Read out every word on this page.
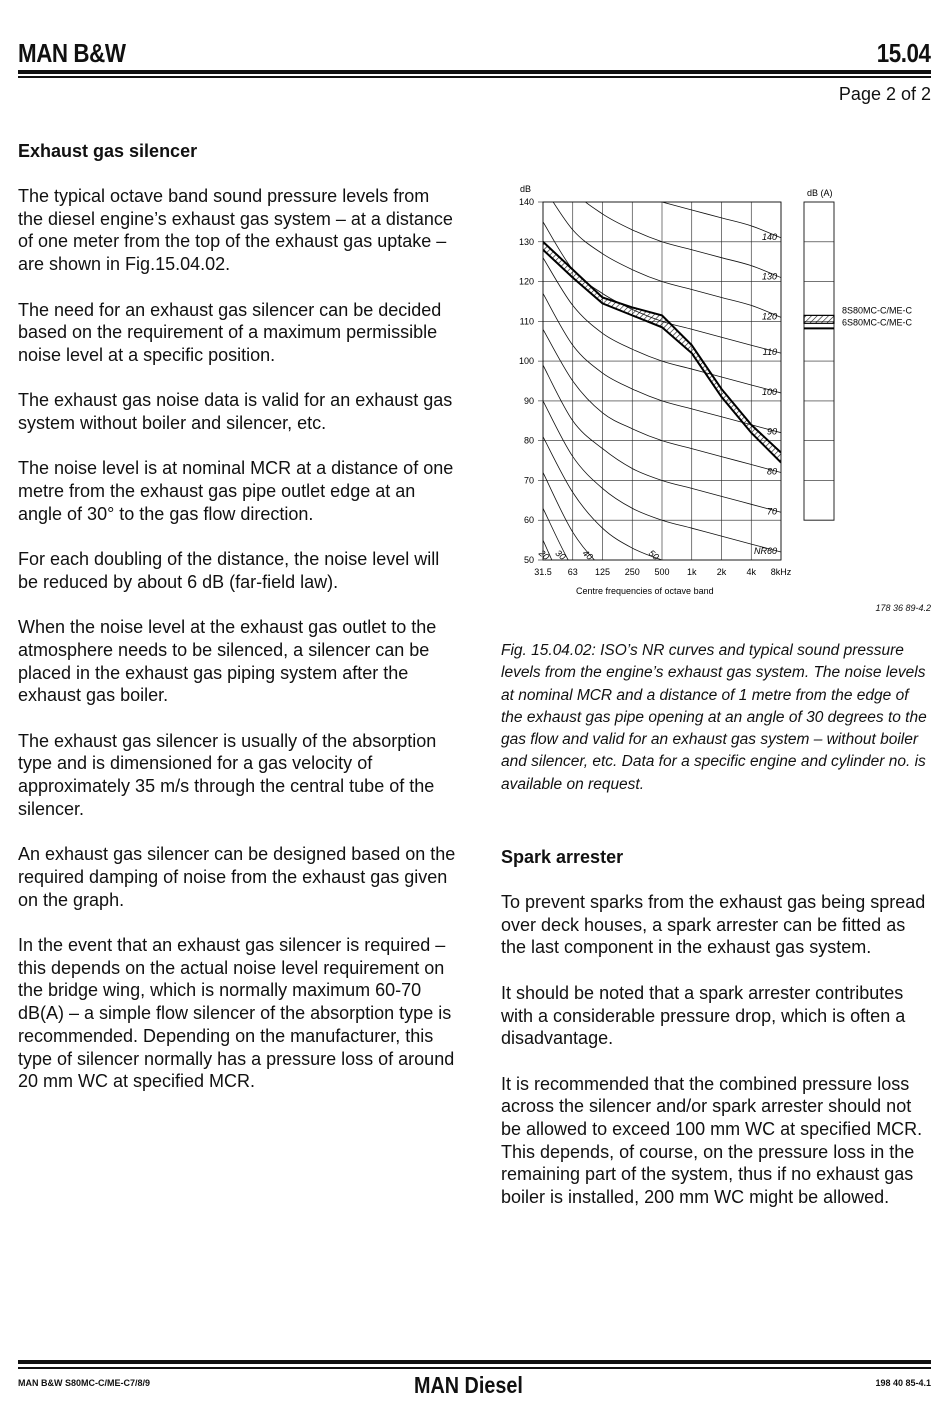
MAN B&W	15.04
Page 2 of 2
Exhaust gas silencer

The typical octave band sound pressure levels from the diesel engine’s exhaust gas system – at a distance of one meter from the top of the exhaust gas uptake – are shown in Fig.15.04.02.

The need for an exhaust gas silencer can be decided based on the requirement of a maximum permissible noise level at a specific position.

The exhaust gas noise data is valid for an exhaust gas system without boiler and silencer, etc.

The noise level is at nominal MCR at a distance of one metre from the exhaust gas pipe outlet edge at an angle of 30° to the gas flow direction.

For each doubling of the distance, the noise level will be reduced by about 6 dB (far-field law).

When the noise level at the exhaust gas outlet to the atmosphere needs to be silenced, a silencer can be placed in the exhaust gas piping system after the exhaust gas boiler.

The exhaust gas silencer is usually of the absorption type and is dimensioned for a gas velocity of approximately 35 m/s through the central tube of the silencer.

An exhaust gas silencer can be designed based on the required damping of noise from the exhaust gas given on the graph.

In the event that an exhaust gas silencer is required – this depends on the actual noise level requirement on the bridge wing, which is normally maximum 60-70 dB(A) – a simple flow silencer of the absorption type is recommended. Depending on the manufacturer, this type of silencer normally has a pressure loss of around 20 mm WC at specified MCR.

140
130
120
110
100
90
80
70
NR60
50
40
30
20
31.5 63 125 250 500 1k 2k 4k 8kHz
140
130
120
110
100
90
80
70
60
50
8S80MC-C/ME-C
6S80MC-C/ME-C
dB	dB (A)
Centre frequencies of octave band
178 36 89-4.2

Fig. 15.04.02: ISO’s NR curves and typical sound pressure levels from the engine’s exhaust gas system. The noise levels at nominal MCR and a distance of 1 metre from the edge of the exhaust gas pipe opening at an angle of 30 degrees to the gas flow and valid for an exhaust gas system – without boiler and silencer, etc. Data for a specific engine and cylinder no. is available on request.

Spark arrester

To prevent sparks from the exhaust gas being spread over deck houses, a spark arrester can be fitted as the last component in the exhaust gas system.

It should be noted that a spark arrester contributes with a considerable pressure drop, which is often a disadvantage.

It is recommended that the combined pressure loss across the silencer and/or spark arrester should not be allowed to exceed 100 mm WC at specified MCR. This depends, of course, on the pressure loss in the remaining part of the system, thus if no exhaust gas boiler is installed, 200 mm WC might be allowed.

MAN B&W S80MC-C/ME-C7/8/9	MAN Diesel	198 40 85-4.1
